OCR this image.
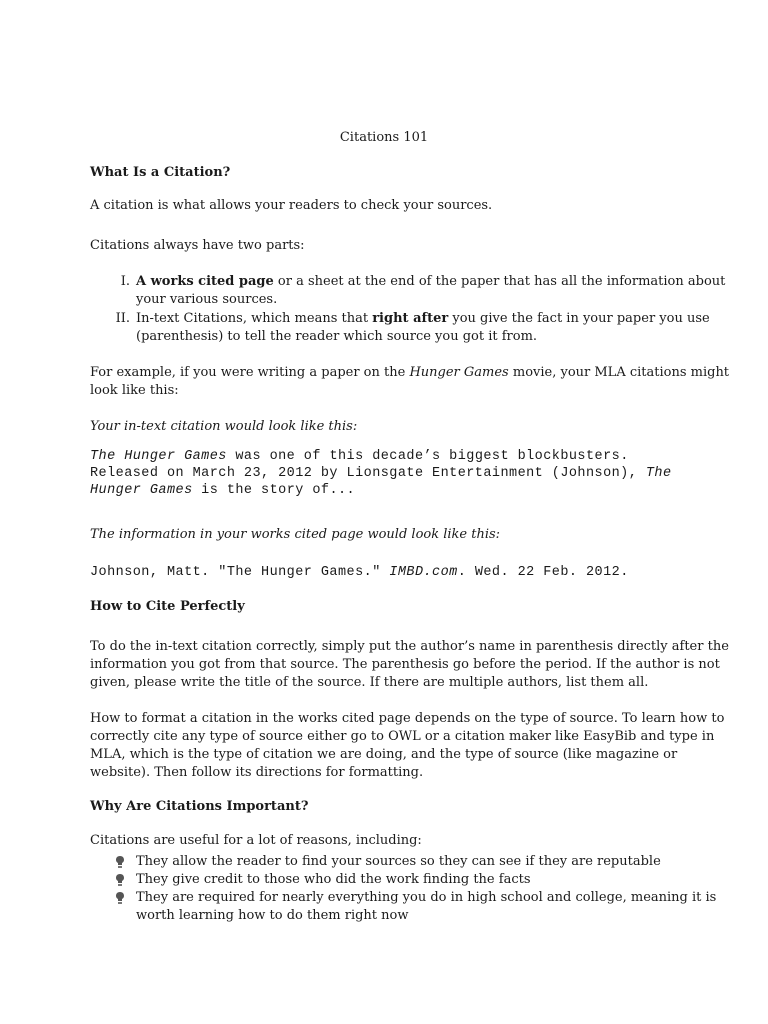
Citations 101

What Is a Citation?

A citation is what allows your readers to check your sources.

Citations always have two parts:

I. A works cited page or a sheet at the end of the paper that has all the information about

your various sources.

II. In-text Citations, which means that right after you give the fact in your paper you use

(parenthesis) to tell the reader which source you got it from.

For example, if you were writing a paper on the Hunger Games movie, your MLA citations might

look like this:

Your in-text citation would look like this:

The Hunger Games was one of this decade’s biggest blockbusters.

Released on March 23, 2012 by Lionsgate Entertainment (Johnson), The

Hunger Games is the story of...

The information in your works cited page would look like this:

Johnson, Matt. "The Hunger Games." IMBD.com. Wed. 22 Feb. 2012.

How to Cite Perfectly

To do the in-text citation correctly, simply put the author’s name in parenthesis directly after the

information you got from that source. The parenthesis go before the period. If the author is not

given, please write the title of the source. If there are multiple authors, list them all.

How to format a citation in the works cited page depends on the type of source. To learn how to

correctly cite any type of source either go to OWL or a citation maker like EasyBib and type in

MLA, which is the type of citation we are doing, and the type of source (like magazine or

website). Then follow its directions for formatting.

Why Are Citations Important?

Citations are useful for a lot of reasons, including:

They allow the reader to find your sources so they can see if they are reputable

They give credit to those who did the work finding the facts

They are required for nearly everything you do in high school and college, meaning it is

worth learning how to do them right now
